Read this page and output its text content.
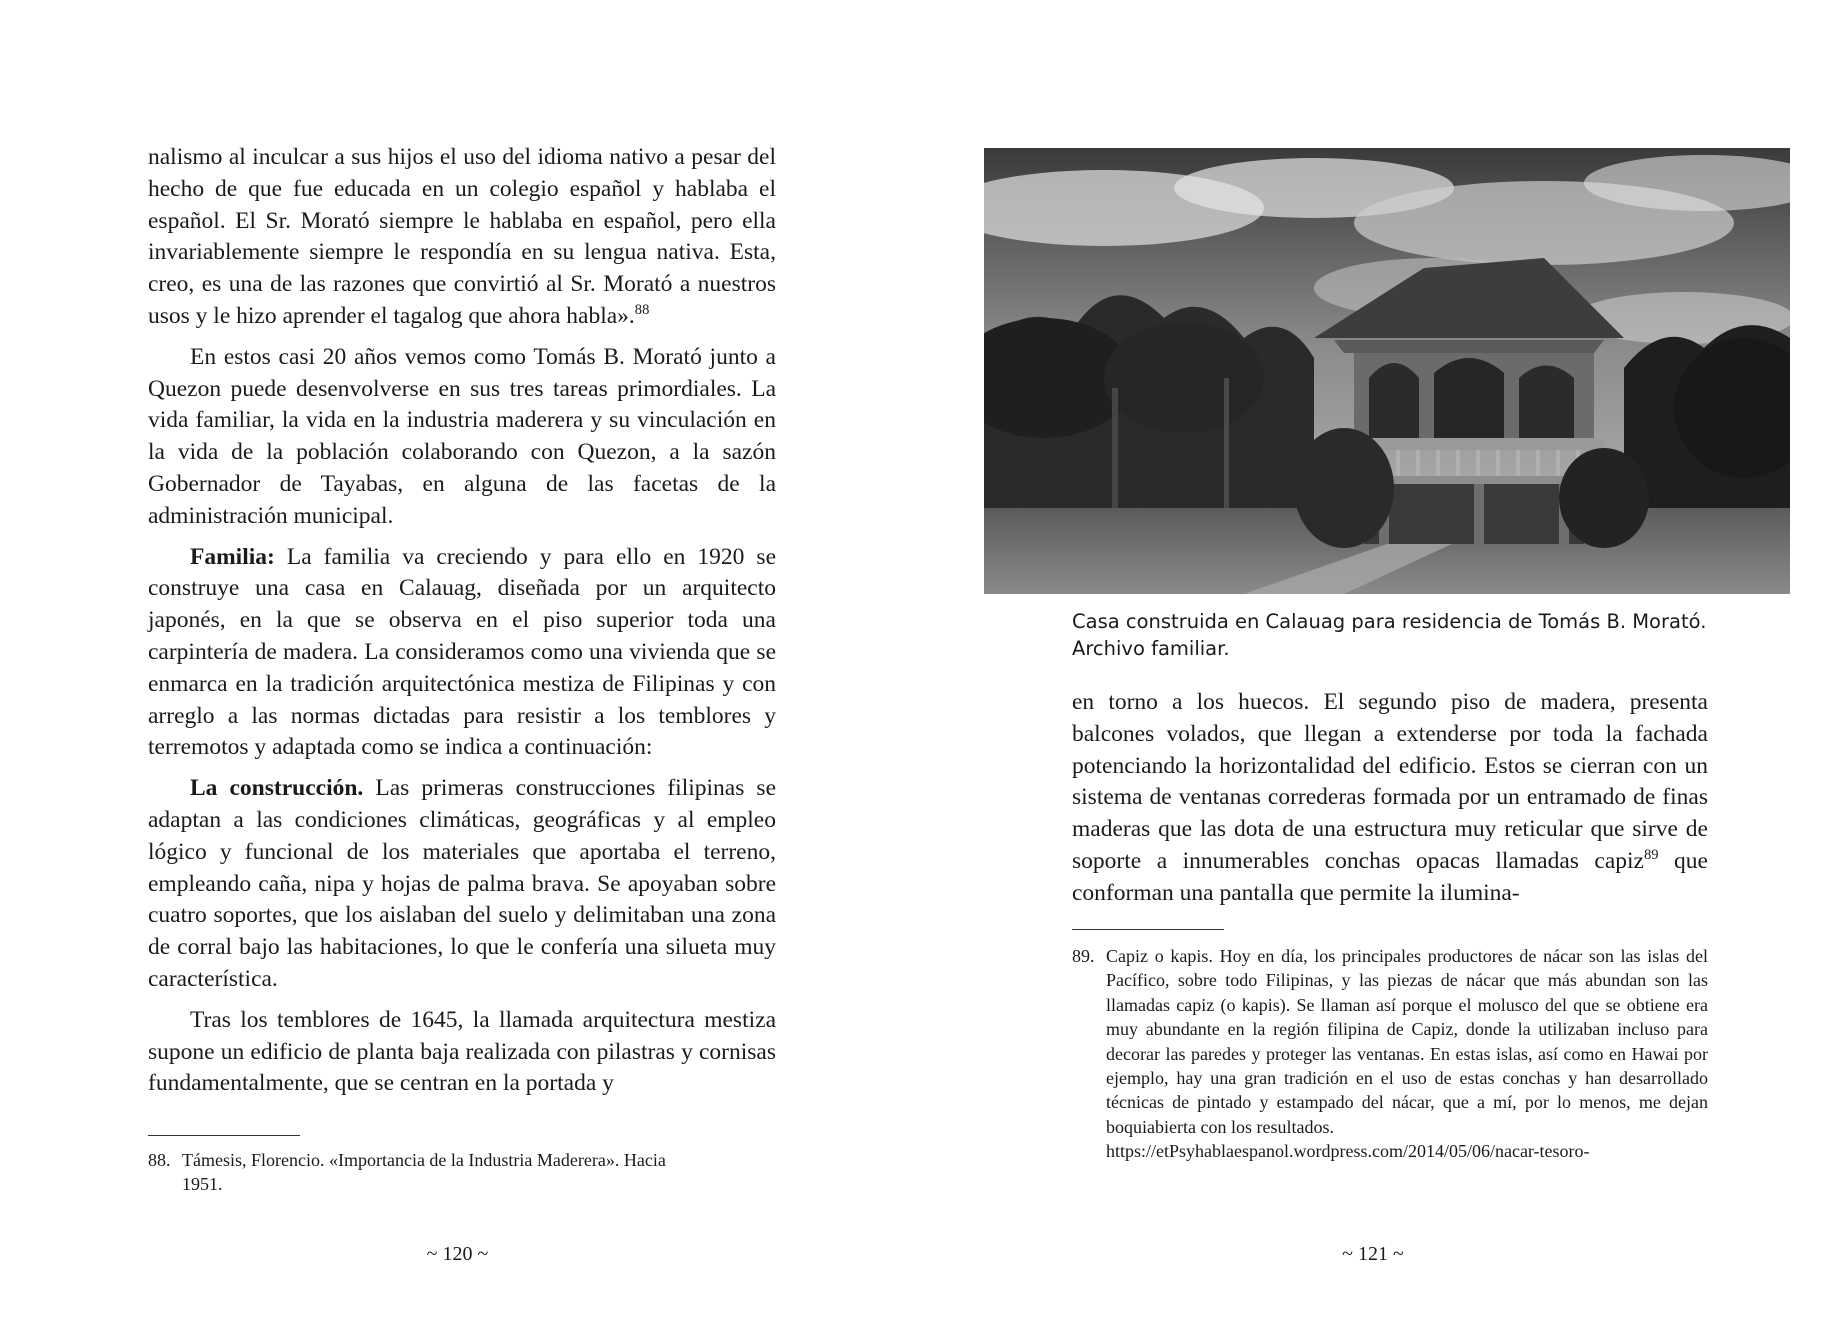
nalismo al inculcar a sus hijos el uso del idioma nativo a pesar del hecho de que fue educada en un colegio español y hablaba el español. El Sr. Morató siempre le hablaba en español, pero ella invariablemente siempre le respondía en su lengua nativa. Esta, creo, es una de las razones que convirtió al Sr. Morató a nuestros usos y le hizo aprender el tagalog que ahora habla».$^{88}$

En estos casi 20 años vemos como Tomás B. Morató junto a Quezon puede desenvolverse en sus tres tareas primordiales. La vida familiar, la vida en la industria maderera y su vinculación en la vida de la población colaborando con Quezon, a la sazón Gobernador de Tayabas, en alguna de las facetas de la administración municipal.

Familia: La familia va creciendo y para ello en 1920 se construye una casa en Calauag, diseñada por un arquitecto japonés, en la que se observa en el piso superior toda una carpintería de madera. La consideramos como una vivienda que se enmarca en la tradición arquitectónica mestiza de Filipinas y con arreglo a las normas dictadas para resistir a los temblores y terremotos y adaptada como se indica a continuación:

La construcción. Las primeras construcciones filipinas se adaptan a las condiciones climáticas, geográficas y al empleo lógico y funcional de los materiales que aportaba el terreno, empleando caña, nipa y hojas de palma brava. Se apoyaban sobre cuatro soportes, que los aislaban del suelo y delimitaban una zona de corral bajo las habitaciones, lo que le confería una silueta muy característica.

Tras los temblores de 1645, la llamada arquitectura mestiza supone un edificio de planta baja realizada con pilastras y cornisas fundamentalmente, que se centran en la portada y

88. Támesis, Florencio. «Importancia de la Industria Maderera». Hacia
1951.
~ 120 ~
Casa construida en Calauag para residencia de Tomás B. Morató.
Archivo familiar.

en torno a los huecos. El segundo piso de madera, presenta balcones volados, que llegan a extenderse por toda la fachada potenciando la horizontalidad del edificio. Estos se cierran con un sistema de ventanas correderas formada por un entramado de finas maderas que las dota de una estructura muy reticular que sirve de soporte a innumerables conchas opacas llamadas capiz$^{89}$ que conforman una pantalla que permite la ilumina-

89. Capiz o kapis. Hoy en día, los principales productores de nácar son las islas del Pacífico, sobre todo Filipinas, y las piezas de nácar que más abundan son las llamadas capiz (o kapis). Se llaman así porque el molusco del que se obtiene era muy abundante en la región filipina de Capiz, donde la utilizaban incluso para decorar las paredes y proteger las ventanas. En estas islas, así como en Hawai por ejemplo, hay una gran tradición en el uso de estas conchas y han desarrollado técnicas de pintado y estampado del nácar, que a mí, por lo menos, me dejan boquiabierta con los resultados.
https://etPsyhablaespanol.wordpress.com/2014/05/06/nacar-tesoro-
~ 121 ~
